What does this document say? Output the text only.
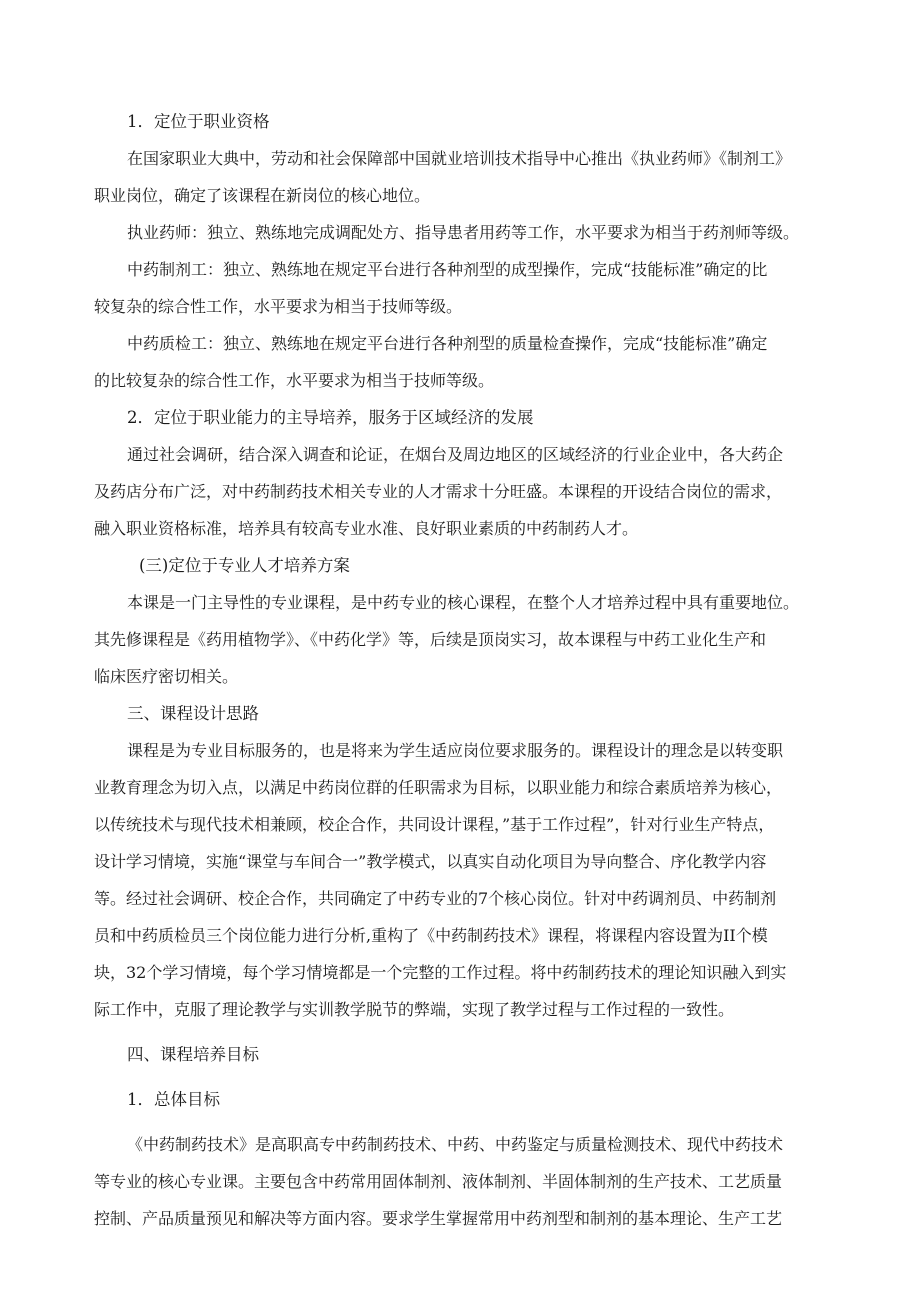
1．定位于职业资格
在国家职业大典中，劳动和社会保障部中国就业培训技术指导中心推出《执业药师》《制剂工》
职业岗位，确定了该课程在新岗位的核心地位。
执业药师：独立、熟练地完成调配处方、指导患者用药等工作，水平要求为相当于药剂师等级。
中药制剂工：独立、熟练地在规定平台进行各种剂型的成型操作，完成“技能标准”确定的比
较复杂的综合性工作，水平要求为相当于技师等级。
中药质检工：独立、熟练地在规定平台进行各种剂型的质量检查操作，完成“技能标准”确定
的比较复杂的综合性工作，水平要求为相当于技师等级。
2．定位于职业能力的主导培养，服务于区域经济的发展
通过社会调研，结合深入调查和论证，在烟台及周边地区的区域经济的行业企业中，各大药企
及药店分布广泛，对中药制药技术相关专业的人才需求十分旺盛。本课程的开设结合岗位的需求，
融入职业资格标准，培养具有较高专业水准、良好职业素质的中药制药人才。
(三)定位于专业人才培养方案
本课是一门主导性的专业课程，是中药专业的核心课程，在整个人才培养过程中具有重要地位。
其先修课程是《药用植物学》、《中药化学》等，后续是顶岗实习，故本课程与中药工业化生产和
临床医疗密切相关。
三、课程设计思路
课程是为专业目标服务的，也是将来为学生适应岗位要求服务的。课程设计的理念是以转变职
业教育理念为切入点，以满足中药岗位群的任职需求为目标，以职业能力和综合素质培养为核心，
以传统技术与现代技术相兼顾，校企合作，共同设计课程，”基于工作过程”，针对行业生产特点，
设计学习情境，实施“课堂与车间合一”教学模式，以真实自动化项目为导向整合、序化教学内容
等。经过社会调研、校企合作，共同确定了中药专业的7个核心岗位。针对中药调剂员、中药制剂
员和中药质检员三个岗位能力进行分析,重构了《中药制药技术》课程，将课程内容设置为II个模
块，32个学习情境，每个学习情境都是一个完整的工作过程。将中药制药技术的理论知识融入到实
际工作中，克服了理论教学与实训教学脱节的弊端，实现了教学过程与工作过程的一致性。
四、课程培养目标
1．总体目标
《中药制药技术》是高职高专中药制药技术、中药、中药鉴定与质量检测技术、现代中药技术
等专业的核心专业课。主要包含中药常用固体制剂、液体制剂、半固体制剂的生产技术、工艺质量
控制、产品质量预见和解决等方面内容。要求学生掌握常用中药剂型和制剂的基本理论、生产工艺
